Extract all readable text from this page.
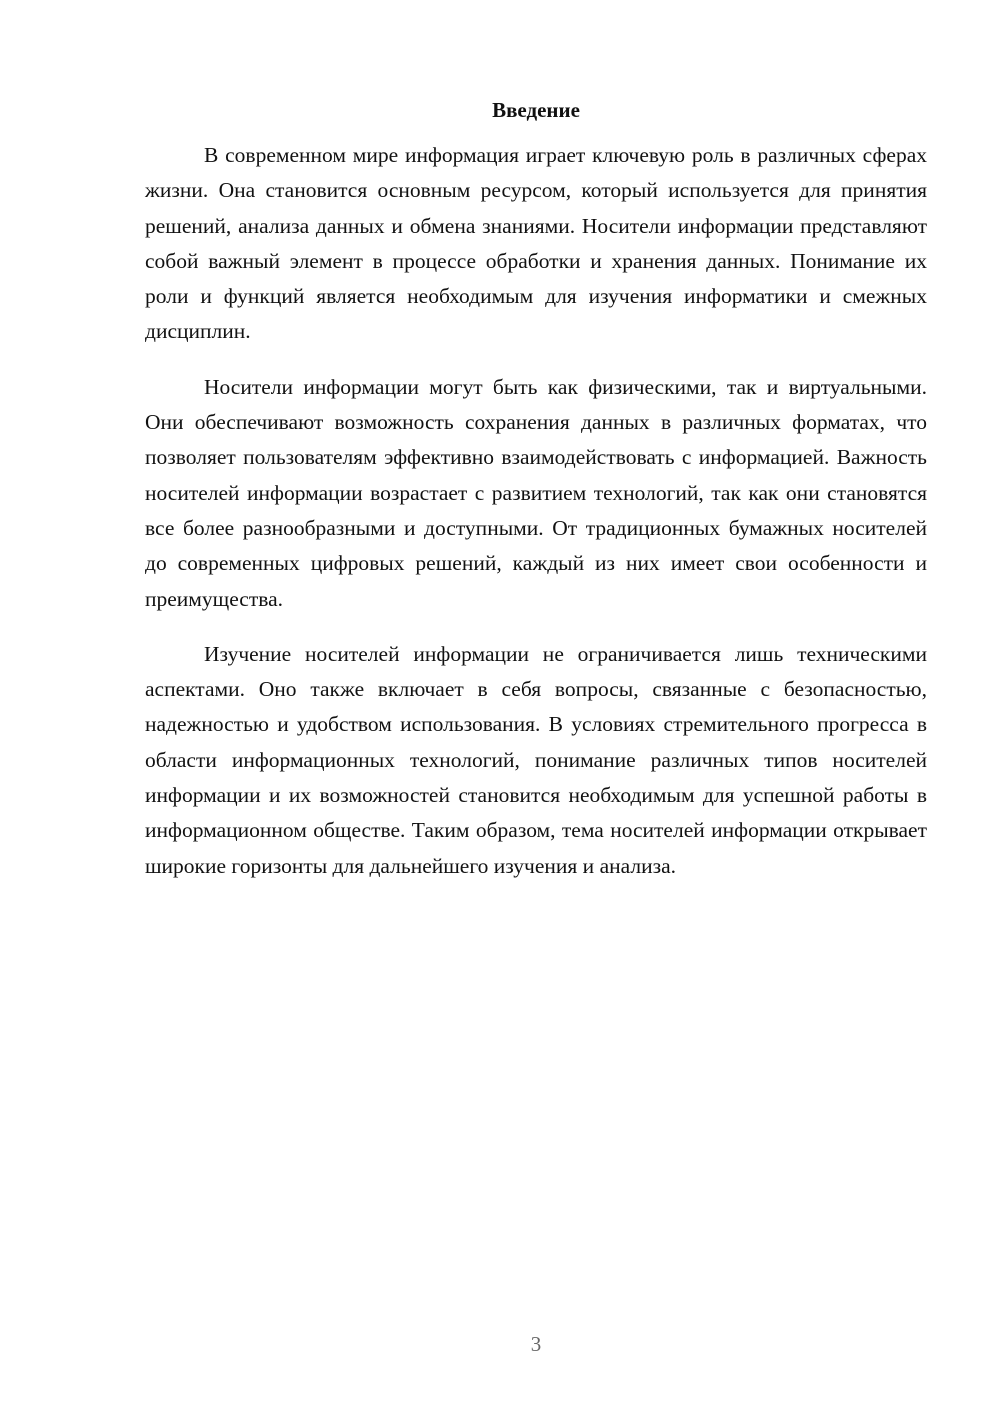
Введение

В современном мире информация играет ключевую роль в различных сферах жизни. Она становится основным ресурсом, который используется для принятия решений, анализа данных и обмена знаниями. Носители информации представляют собой важный элемент в процессе обработки и хранения данных. Понимание их роли и функций является необходимым для изучения информатики и смежных дисциплин.

Носители информации могут быть как физическими, так и виртуальными. Они обеспечивают возможность сохранения данных в различных форматах, что позволяет пользователям эффективно взаимодействовать с информацией. Важность носителей информации возрастает с развитием технологий, так как они становятся все более разнообразными и доступными. От традиционных бумажных носителей до современных цифровых решений, каждый из них имеет свои особенности и преимущества.

Изучение носителей информации не ограничивается лишь техническими аспектами. Оно также включает в себя вопросы, связанные с безопасностью, надежностью и удобством использования. В условиях стремительного прогресса в области информационных технологий, понимание различных типов носителей информации и их возможностей становится необходимым для успешной работы в информационном обществе. Таким образом, тема носителей информации открывает широкие горизонты для дальнейшего изучения и анализа.

3
